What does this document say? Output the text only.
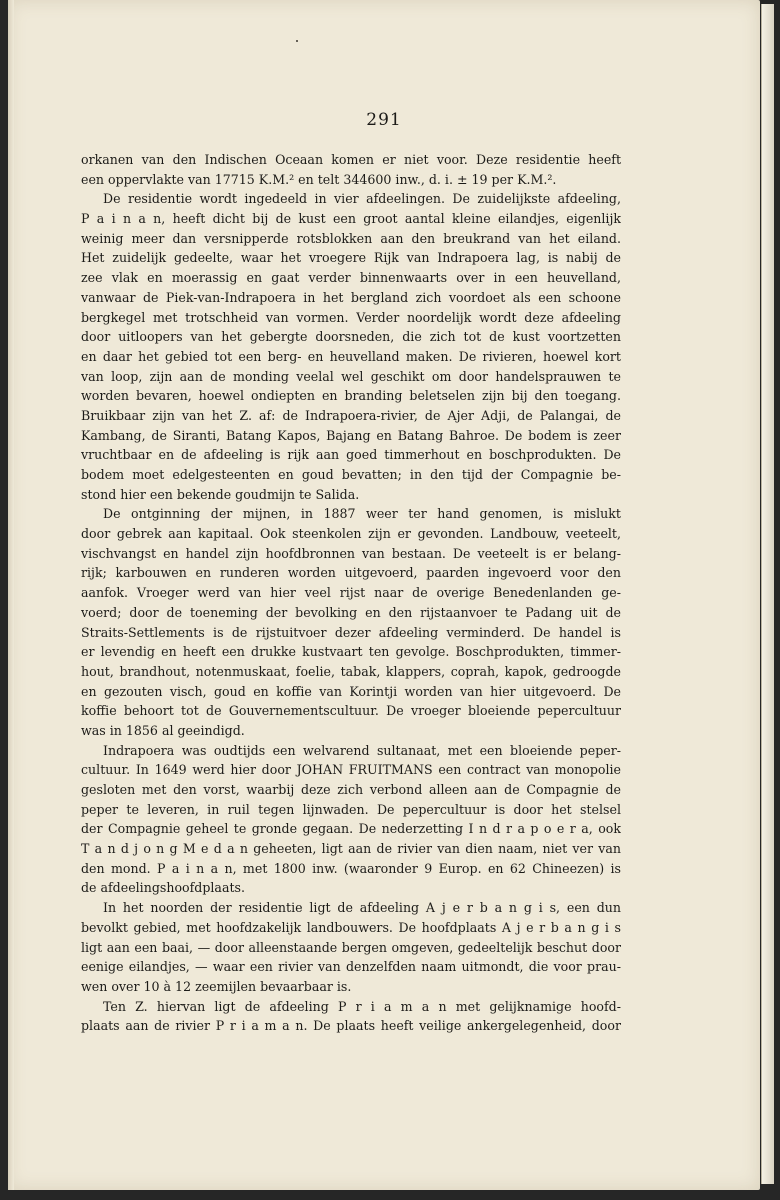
291
orkanen van den Indischen Oceaan komen er niet voor. Deze residentie heeft
een oppervlakte van 17715 K.M.² en telt 344600 inw., d. i. ± 19 per K.M.².
De residentie wordt ingedeeld in vier afdeelingen. De zuidelijkste afdeeling,
P a i n a n, heeft dicht bij de kust een groot aantal kleine eilandjes, eigenlijk
weinig meer dan versnipperde rotsblokken aan den breukrand van het eiland.
Het zuidelijk gedeelte, waar het vroegere Rijk van Indrapoera lag, is nabij de
zee vlak en moerassig en gaat verder binnenwaarts over in een heuvelland,
vanwaar de Piek-van-Indrapoera in het bergland zich voordoet als een schoone
bergkegel met trotschheid van vormen. Verder noordelijk wordt deze afdeeling
door uitloopers van het gebergte doorsneden, die zich tot de kust voortzetten
en daar het gebied tot een berg- en heuvelland maken. De rivieren, hoewel kort
van loop, zijn aan de monding veelal wel geschikt om door handelsprauwen te
worden bevaren, hoewel ondiepten en branding beletselen zijn bij den toegang.
Bruikbaar zijn van het Z. af: de Indrapoera-rivier, de Ajer Adji, de Palangai, de
Kambang, de Siranti, Batang Kapos, Bajang en Batang Bahroe. De bodem is zeer
vruchtbaar en de afdeeling is rijk aan goed timmerhout en boschprodukten. De
bodem moet edelgesteenten en goud bevatten; in den tijd der Compagnie be-
stond hier een bekende goudmijn te Salida.
De ontginning der mijnen, in 1887 weer ter hand genomen, is mislukt
door gebrek aan kapitaal. Ook steenkolen zijn er gevonden. Landbouw, veeteelt,
vischvangst en handel zijn hoofdbronnen van bestaan. De veeteelt is er belang-
rijk; karbouwen en runderen worden uitgevoerd, paarden ingevoerd voor den
aanfok. Vroeger werd van hier veel rijst naar de overige Benedenlanden ge-
voerd; door de toeneming der bevolking en den rijstaanvoer te Padang uit de
Straits-Settlements is de rijstuitvoer dezer afdeeling verminderd. De handel is
er levendig en heeft een drukke kustvaart ten gevolge. Boschprodukten, timmer-
hout, brandhout, notenmuskaat, foelie, tabak, klappers, coprah, kapok, gedroogde
en gezouten visch, goud en koffie van Korintji worden van hier uitgevoerd. De
koffie behoort tot de Gouvernementscultuur. De vroeger bloeiende pepercultuur
was in 1856 al geeindigd.
Indrapoera was oudtijds een welvarend sultanaat, met een bloeiende peper-
cultuur. In 1649 werd hier door JOHAN FRUITMANS een contract van monopolie
gesloten met den vorst, waarbij deze zich verbond alleen aan de Compagnie de
peper te leveren, in ruil tegen lijnwaden. De pepercultuur is door het stelsel
der Compagnie geheel te gronde gegaan. De nederzetting I n d r a p o e r a, ook
T a n d j o n g M e d a n geheeten, ligt aan de rivier van dien naam, niet ver van
den mond. P a i n a n, met 1800 inw. (waaronder 9 Europ. en 62 Chineezen) is
de afdeelingshoofdplaats.
In het noorden der residentie ligt de afdeeling A j e r b a n g i s, een dun
bevolkt gebied, met hoofdzakelijk landbouwers. De hoofdplaats A j e r b a n g i s
ligt aan een baai, — door alleenstaande bergen omgeven, gedeeltelijk beschut door
eenige eilandjes, — waar een rivier van denzelfden naam uitmondt, die voor prau-
wen over 10 à 12 zeemijlen bevaarbaar is.
Ten Z. hiervan ligt de afdeeling P r i a m a n met gelijknamige hoofd-
plaats aan de rivier P r i a m a n. De plaats heeft veilige ankergelegenheid, door
